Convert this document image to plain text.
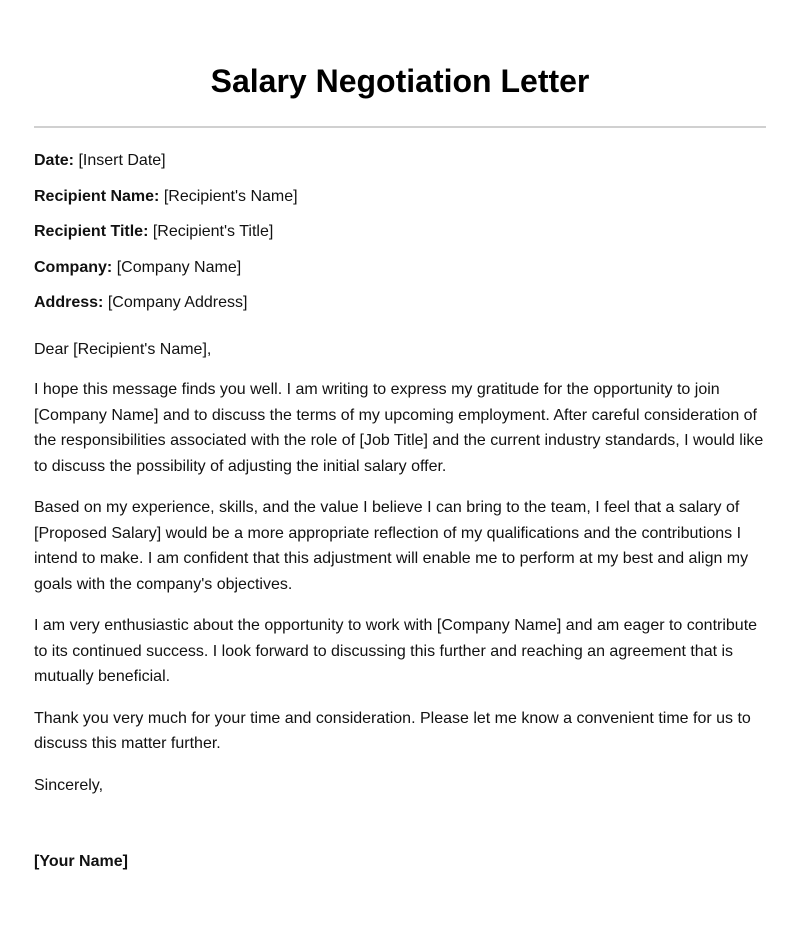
Salary Negotiation Letter
Date: [Insert Date]
Recipient Name: [Recipient's Name]
Recipient Title: [Recipient's Title]
Company: [Company Name]
Address: [Company Address]
Dear [Recipient's Name],

I hope this message finds you well. I am writing to express my gratitude for the opportunity to join [Company Name] and to discuss the terms of my upcoming employment. After careful consideration of the responsibilities associated with the role of [Job Title] and the current industry standards, I would like to discuss the possibility of adjusting the initial salary offer.

Based on my experience, skills, and the value I believe I can bring to the team, I feel that a salary of [Proposed Salary] would be a more appropriate reflection of my qualifications and the contributions I intend to make. I am confident that this adjustment will enable me to perform at my best and align my goals with the company's objectives.

I am very enthusiastic about the opportunity to work with [Company Name] and am eager to contribute to its continued success. I look forward to discussing this further and reaching an agreement that is mutually beneficial.

Thank you very much for your time and consideration. Please let me know a convenient time for us to discuss this matter further.

Sincerely,
[Your Name]
